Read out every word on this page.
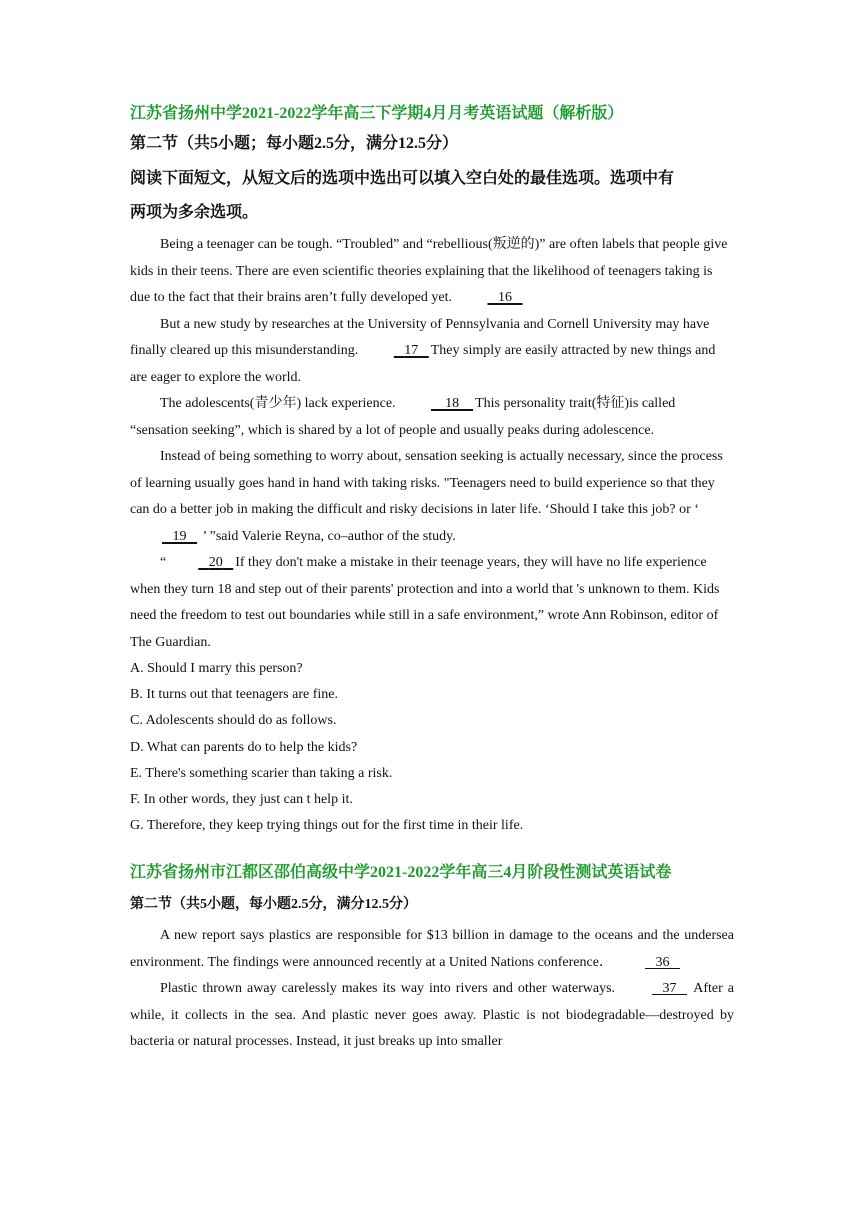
江苏省扬州中学2021-2022学年高三下学期4月月考英语试题（解析版）
第二节（共5小题；每小题2.5分，满分12.5分）
阅读下面短文，从短文后的选项中选出可以填入空白处的最佳选项。选项中有
两项为多余选项。

Being a teenager can be tough. “Troubled” and “rebellious(叛逆的)” are often labels that people give kids in their teens. There are even scientific theories explaining that the likelihood of teenagers taking is due to the fact that their brains aren’t fully developed yet.	16

But a new study by researches at the University of Pennsylvania and Cornell University may have finally cleared up this misunderstanding.	17 They simply are easily attracted by new things and are eager to explore the world.

The adolescents(青少年) lack experience.	18 This personality trait(特征)is called “sensation seeking”, which is shared by a lot of people and usually peaks during adolescence.

Instead of being something to worry about, sensation seeking is actually necessary, since the process of learning usually goes hand in hand with taking risks. "Teenagers need to build experience so that they can do a better job in making the difficult and risky decisions in later life. ‘Should I take this job? or ‘    19    ’ ”said Valerie Reyna, co–author of the study.

“	20 If they don't make a mistake in their teenage years, they will have no life experience when they turn 18 and step out of their parents' protection and into a world that 's unknown to them. Kids need the freedom to test out boundaries while still in a safe environment,” wrote Ann Robinson, editor of The Guardian.

A. Should I marry this person?
B. It turns out that teenagers are fine.
C. Adolescents should do as follows.
D. What can parents do to help the kids?
E. There's something scarier than taking a risk.
F. In other words, they just can t help it.
G. Therefore, they keep trying things out for the first time in their life.
江苏省扬州市江都区邵伯高级中学2021-2022学年高三4月阶段性测试英语试卷
第二节（共5小题，每小题2.5分，满分12.5分）

A new report says plastics are responsible for $13 billion in damage to the oceans and the undersea environment. The findings were announced recently at a United Nations conference．	36

Plastic thrown away carelessly makes its way into rivers and other waterways.	37    After a while, it collects in the sea. And plastic never goes away. Plastic is not biodegradable—destroyed by bacteria or natural processes. Instead, it just breaks up into smaller
